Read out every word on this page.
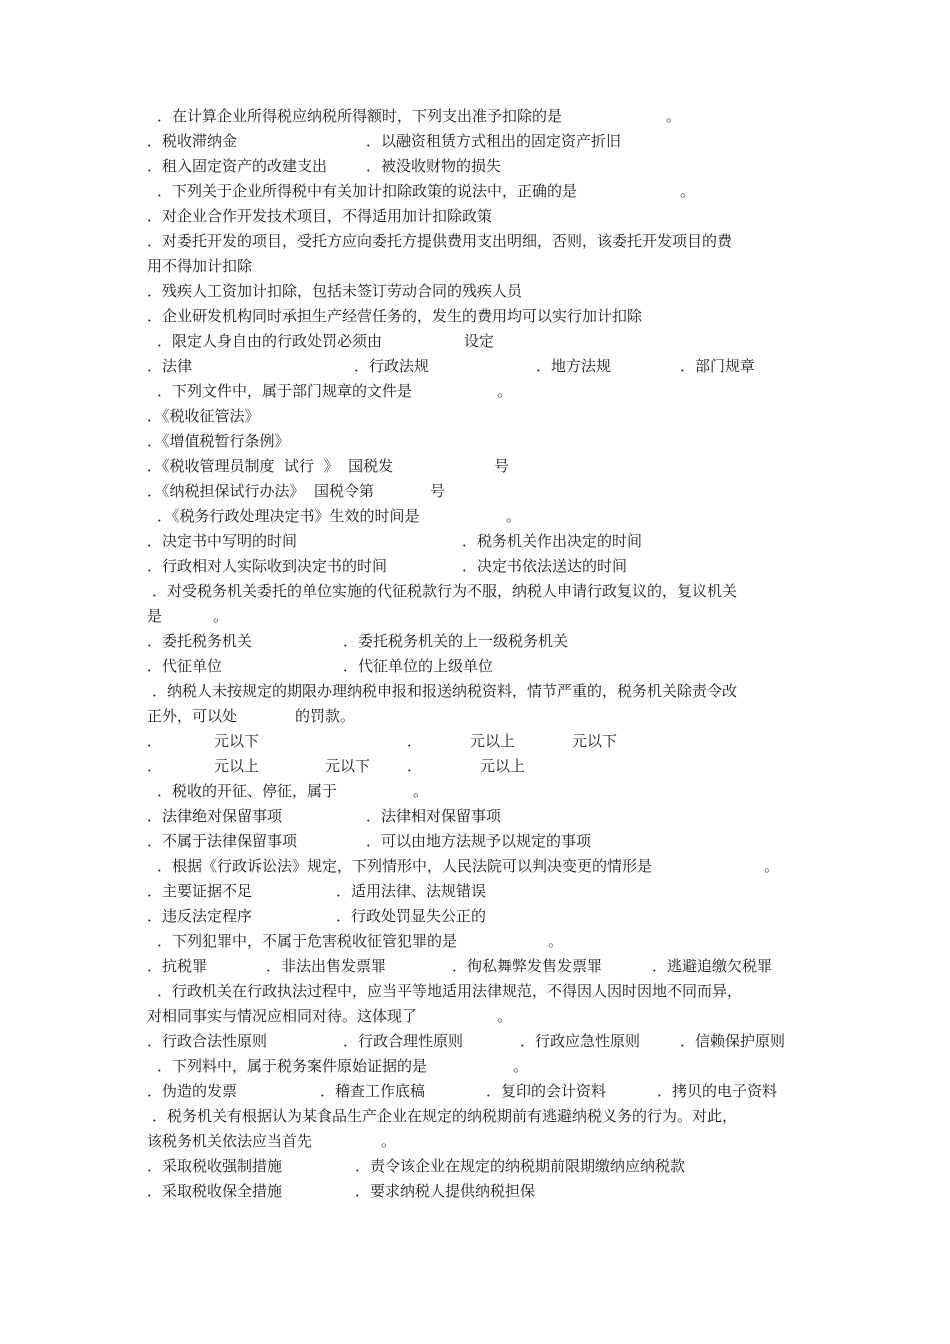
．在计算企业所得税应纳税所得额时，下列支出准予扣除的是	。
．税收滞纳金	．以融资租赁方式租出的固定资产折旧
．租入固定资产的改建支出	．被没收财物的损失
．下列关于企业所得税中有关加计扣除政策的说法中，正确的是	。
．对企业合作开发技术项目，不得适用加计扣除政策
．对委托开发的项目，受托方应向委托方提供费用支出明细，否则，该委托开发项目的费
用不得加计扣除
．残疾人工资加计扣除，包括未签订劳动合同的残疾人员
．企业研发机构同时承担生产经营任务的，发生的费用均可以实行加计扣除
．限定人身自由的行政处罚必须由	设定
．法律	．行政法规	．地方法规	．部门规章
．下列文件中，属于部门规章的文件是	。
．《税收征管法》
．《增值税暂行条例》
．《税收管理员制度  试行  》  国税发	号
．《纳税担保试行办法》  国税令第	号
．《税务行政处理决定书》生效的时间是	。
．决定书中写明的时间	．税务机关作出决定的时间
．行政相对人实际收到决定书的时间	．决定书依法送达的时间
．对受税务机关委托的单位实施的代征税款行为不服，纳税人申请行政复议的，复议机关
是	。
．委托税务机关	．委托税务机关的上一级税务机关
．代征单位	．代征单位的上级单位
．纳税人未按规定的期限办理纳税申报和报送纳税资料，情节严重的，税务机关除责令改
正外，可以处	的罚款。
．	元以下	．	元以上	元以下
．	元以上	元以下 ．	元以上
．税收的开征、停征，属于	。
．法律绝对保留事项	．法律相对保留事项
．不属于法律保留事项	．可以由地方法规予以规定的事项
．根据《行政诉讼法》规定，下列情形中，人民法院可以判决变更的情形是	。
．主要证据不足	．适用法律、法规错误
．违反法定程序	．行政处罚显失公正的
．下列犯罪中，不属于危害税收征管犯罪的是	。
．抗税罪	．非法出售发票罪	．徇私舞弊发售发票罪	．逃避追缴欠税罪
．行政机关在行政执法过程中，应当平等地适用法律规范，不得因人因时因地不同而异，
对相同事实与情况应相同对待。这体现了	。
．行政合法性原则	．行政合理性原则	．行政应急性原则	．信赖保护原则
．下列料中，属于税务案件原始证据的是	。
．伪造的发票	．稽查工作底稿	．复印的会计资料	．拷贝的电子资料
．税务机关有根据认为某食品生产企业在规定的纳税期前有逃避纳税义务的行为。对此，
该税务机关依法应当首先	。
．采取税收强制措施	．责令该企业在规定的纳税期前限期缴纳应纳税款
．采取税收保全措施	．要求纳税人提供纳税担保
